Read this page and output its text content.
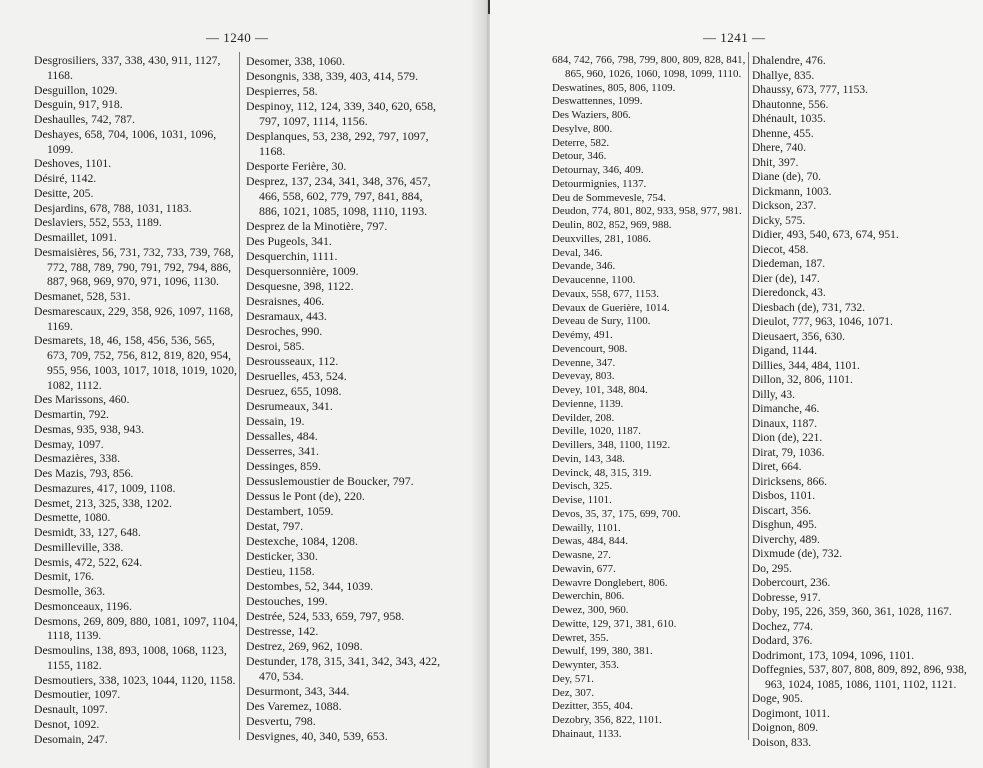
— 1240 —
Desgrosiliers, 337, 338, 430, 911, 1127, 1168.
Desguillon, 1029.
Desguin, 917, 918.
Deshaulles, 742, 787.
Deshayes, 658, 704, 1006, 1031, 1096, 1099.
Deshoves, 1101.
Désiré, 1142.
Desitte, 205.
Desjardins, 678, 788, 1031, 1183.
Deslaviers, 552, 553, 1189.
Desmaillet, 1091.
Desmaisières, 56, 731, 732, 733, 739, 768, 772, 788, 789, 790, 791, 792, 794, 886, 887, 968, 969, 970, 971, 1096, 1130.
Desmanet, 528, 531.
Desmarescaux, 229, 358, 926, 1097, 1168, 1169.
Desmarets, 18, 46, 158, 456, 536, 565, 673, 709, 752, 756, 812, 819, 820, 954, 955, 956, 1003, 1017, 1018, 1019, 1020, 1082, 1112.
Des Marissons, 460.
Desmartin, 792.
Desmas, 935, 938, 943.
Desmay, 1097.
Desmazières, 338.
Des Mazis, 793, 856.
Desmazures, 417, 1009, 1108.
Desmet, 213, 325, 338, 1202.
Desmette, 1080.
Desmidt, 33, 127, 648.
Desmilleville, 338.
Desmis, 472, 522, 624.
Desmit, 176.
Desmolle, 363.
Desmonceaux, 1196.
Desmons, 269, 809, 880, 1081, 1097, 1104, 1118, 1139.
Desmoulins, 138, 893, 1008, 1068, 1123, 1155, 1182.
Desmoutiers, 338, 1023, 1044, 1120, 1158.
Desmoutier, 1097.
Desnault, 1097.
Desnot, 1092.
Desomain, 247.
Desomer, 338, 1060.
Desongnis, 338, 339, 403, 414, 579.
Despierres, 58.
Despinoy, 112, 124, 339, 340, 620, 658, 797, 1097, 1114, 1156.
Desplanques, 53, 238, 292, 797, 1097, 1168.
Desporte Ferière, 30.
Desprez, 137, 234, 341, 348, 376, 457, 466, 558, 602, 779, 797, 841, 884, 886, 1021, 1085, 1098, 1110, 1193.
Desprez de la Minotière, 797.
Des Pugeols, 341.
Desquerchin, 1111.
Desquersonnière, 1009.
Desquesne, 398, 1122.
Desraisnes, 406.
Desramaux, 443.
Desroches, 990.
Desroi, 585.
Desrousseaux, 112.
Desruelles, 453, 524.
Desruez, 655, 1098.
Desrumeaux, 341.
Dessain, 19.
Dessalles, 484.
Desserres, 341.
Dessinges, 859.
Dessuslemoustier de Boucker, 797.
Dessus le Pont (de), 220.
Destambert, 1059.
Destat, 797.
Destexche, 1084, 1208.
Desticker, 330.
Destieu, 1158.
Destombes, 52, 344, 1039.
Destouches, 199.
Destrée, 524, 533, 659, 797, 958.
Destresse, 142.
Destrez, 269, 962, 1098.
Destunder, 178, 315, 341, 342, 343, 422, 470, 534.
Desurmont, 343, 344.
Des Varemez, 1088.
Desvertu, 798.
Desvignes, 40, 340, 539, 653.
— 1241 —
684, 742, 766, 798, 799, 800, 809, 828, 841, 865, 960, 1026, 1060, 1098, 1099, 1110.
Deswatines, 805, 806, 1109.
Deswattennes, 1099.
Des Waziers, 806.
Desylve, 800.
Deterre, 582.
Detour, 346.
Detournay, 346, 409.
Detourmignies, 1137.
Deu de Sommevesle, 754.
Deudon, 774, 801, 802, 933, 958, 977, 981.
Deulin, 802, 852, 969, 988.
Deuxvilles, 281, 1086.
Deval, 346.
Devande, 346.
Devaucenne, 1100.
Devaux, 558, 677, 1153.
Devaux de Guerière, 1014.
Deveau de Sury, 1100.
Devémy, 491.
Devencourt, 908.
Devenne, 347.
Devevay, 803.
Devey, 101, 348, 804.
Devienne, 1139.
Devilder, 208.
Deville, 1020, 1187.
Devillers, 348, 1100, 1192.
Devin, 143, 348.
Devinck, 48, 315, 319.
Devisch, 325.
Devise, 1101.
Devos, 35, 37, 175, 699, 700.
Dewailly, 1101.
Dewas, 484, 844.
Dewasne, 27.
Dewavin, 677.
Dewavre Donglebert, 806.
Dewerchin, 806.
Dewez, 300, 960.
Dewitte, 129, 371, 381, 610.
Dewret, 355.
Dewulf, 199, 380, 381.
Dewynter, 353.
Dey, 571.
Dez, 307.
Dezitter, 355, 404.
Dezobry, 356, 822, 1101.
Dhainaut, 1133.
Dhalendre, 476.
Dhallye, 835.
Dhaussy, 673, 777, 1153.
Dhautonne, 556.
Dhénault, 1035.
Dhenne, 455.
Dhere, 740.
Dhit, 397.
Diane (de), 70.
Dickmann, 1003.
Dickson, 237.
Dicky, 575.
Didier, 493, 540, 673, 674, 951.
Diecot, 458.
Diedeman, 187.
Dier (de), 147.
Dieredonck, 43.
Diesbach (de), 731, 732.
Dieulot, 777, 963, 1046, 1071.
Dieusaert, 356, 630.
Digand, 1144.
Dillies, 344, 484, 1101.
Dillon, 32, 806, 1101.
Dilly, 43.
Dimanche, 46.
Dinaux, 1187.
Dion (de), 221.
Dirat, 79, 1036.
Diret, 664.
Diricksens, 866.
Disbos, 1101.
Discart, 356.
Disghun, 495.
Diverchy, 489.
Dixmude (de), 732.
Do, 295.
Dobercourt, 236.
Dobresse, 917.
Doby, 195, 226, 359, 360, 361, 1028, 1167.
Dochez, 774.
Dodard, 376.
Dodrimont, 173, 1094, 1096, 1101.
Doffegnies, 537, 807, 808, 809, 892, 896, 938, 963, 1024, 1085, 1086, 1101, 1102, 1121.
Doge, 905.
Dogimont, 1011.
Doignon, 809.
Doison, 833.
